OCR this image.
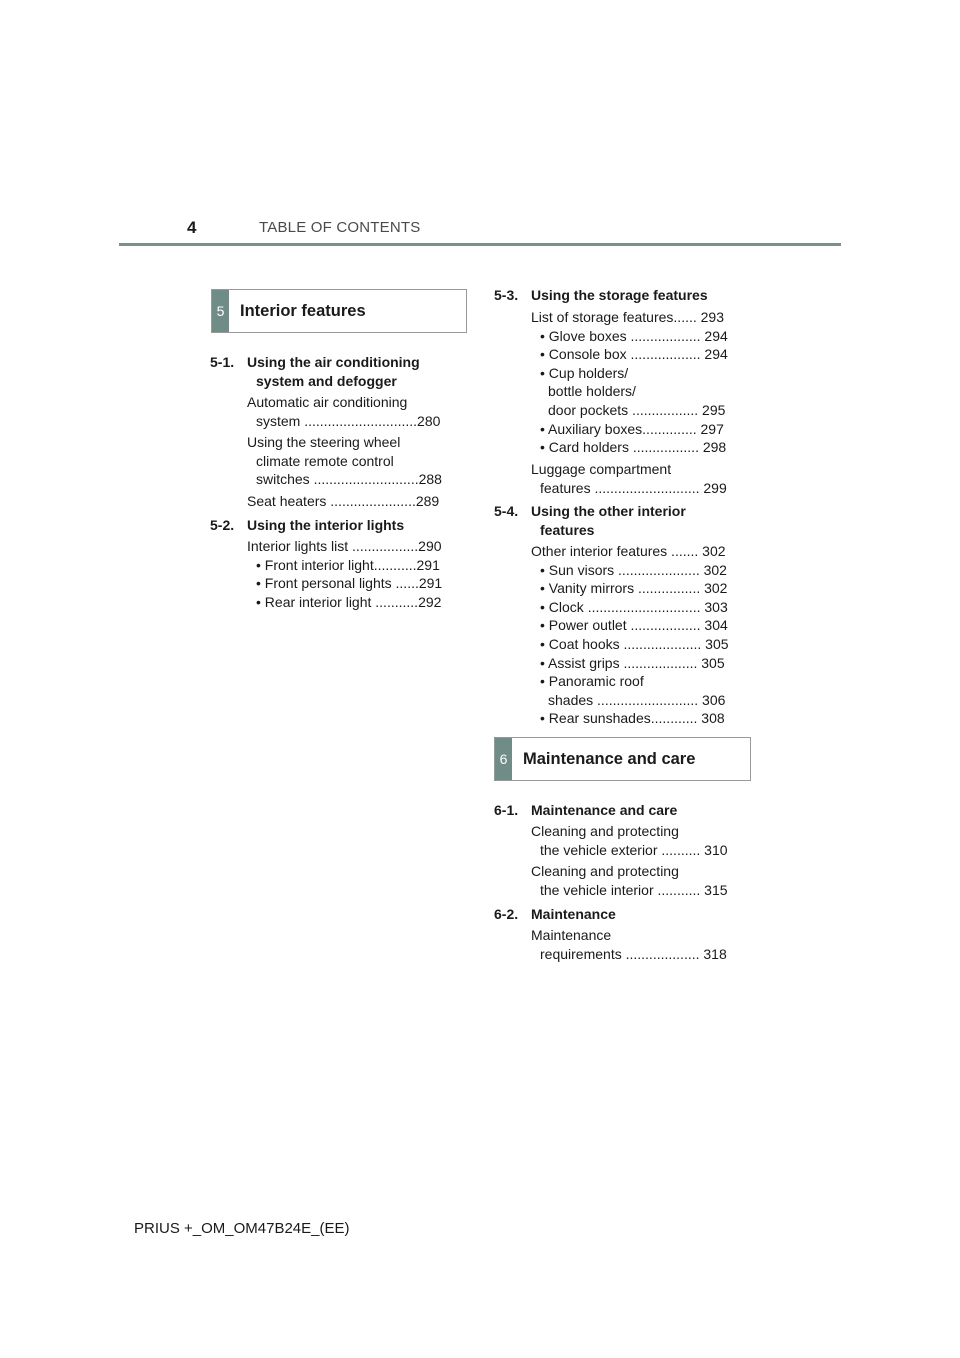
4	TABLE OF CONTENTS
5 Interior features
5-1. Using the air conditioning
system and defogger
Automatic air conditioning
system .............................280
Using the steering wheel
climate remote control
switches ...........................288
Seat heaters ......................289
5-2. Using the interior lights
Interior lights list .................290
• Front interior light...........291
• Front personal lights ......291
• Rear interior light ...........292
5-3. Using the storage features
List of storage features...... 293
• Glove boxes .................. 294
• Console box .................. 294
• Cup holders/
bottle holders/
door pockets ................. 295
• Auxiliary boxes.............. 297
• Card holders ................. 298
Luggage compartment
features ........................... 299
5-4. Using the other interior
features
Other interior features ....... 302
• Sun visors ..................... 302
• Vanity mirrors ................ 302
• Clock ............................. 303
• Power outlet .................. 304
• Coat hooks .................... 305
• Assist grips ................... 305
• Panoramic roof
shades .......................... 306
• Rear sunshades............ 308
6 Maintenance and care
6-1. Maintenance and care
Cleaning and protecting
the vehicle exterior .......... 310
Cleaning and protecting
the vehicle interior ........... 315
6-2. Maintenance
Maintenance
requirements ................... 318
PRIUS +_OM_OM47B24E_(EE)
